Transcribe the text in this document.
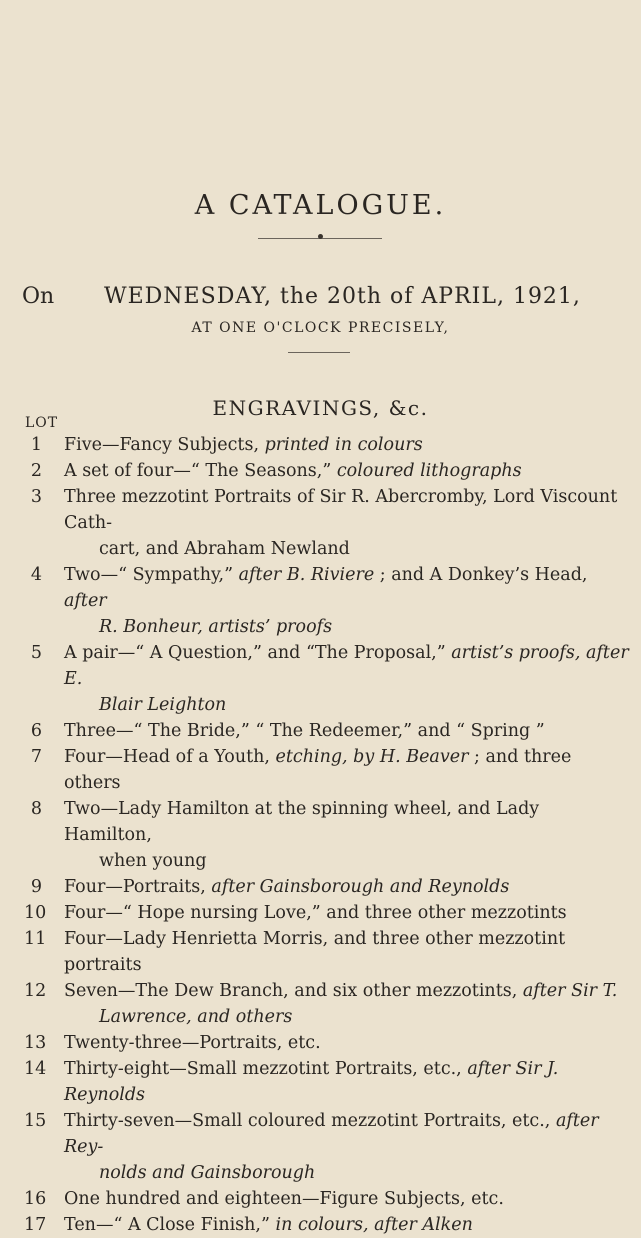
A CATALOGUE.
On WEDNESDAY, the 20th of APRIL, 1921,
AT ONE O'CLOCK PRECISELY,
ENGRAVINGS, &c.
LOT
1 Five—Fancy Subjects, printed in colours
2 A set of four—“ The Seasons,” coloured lithographs
3 Three mezzotint Portraits of Sir R. Abercromby, Lord Viscount Cath-
cart, and Abraham Newland
4 Two—“ Sympathy,” after B. Riviere ; and A Donkey’s Head, after
R. Bonheur, artists’ proofs
5 A pair—“ A Question,” and “The Proposal,” artist’s proofs, after E.
Blair Leighton
6 Three—“ The Bride,” “ The Redeemer,” and “ Spring ”
7 Four—Head of a Youth, etching, by H. Beaver ; and three others
8 Two—Lady Hamilton at the spinning wheel, and Lady Hamilton,
when young
9 Four—Portraits, after Gainsborough and Reynolds
10 Four—“ Hope nursing Love,” and three other mezzotints
11 Four—Lady Henrietta Morris, and three other mezzotint portraits
12 Seven—The Dew Branch, and six other mezzotints, after Sir T.
Lawrence, and others
13 Twenty-three—Portraits, etc.
14 Thirty-eight—Small mezzotint Portraits, etc., after Sir J. Reynolds
15 Thirty-seven—Small coloured mezzotint Portraits, etc., after Rey-
nolds and Gainsborough
16 One hundred and eighteen—Figure Subjects, etc.
17 Ten—“ A Close Finish,” in colours, after Alken
